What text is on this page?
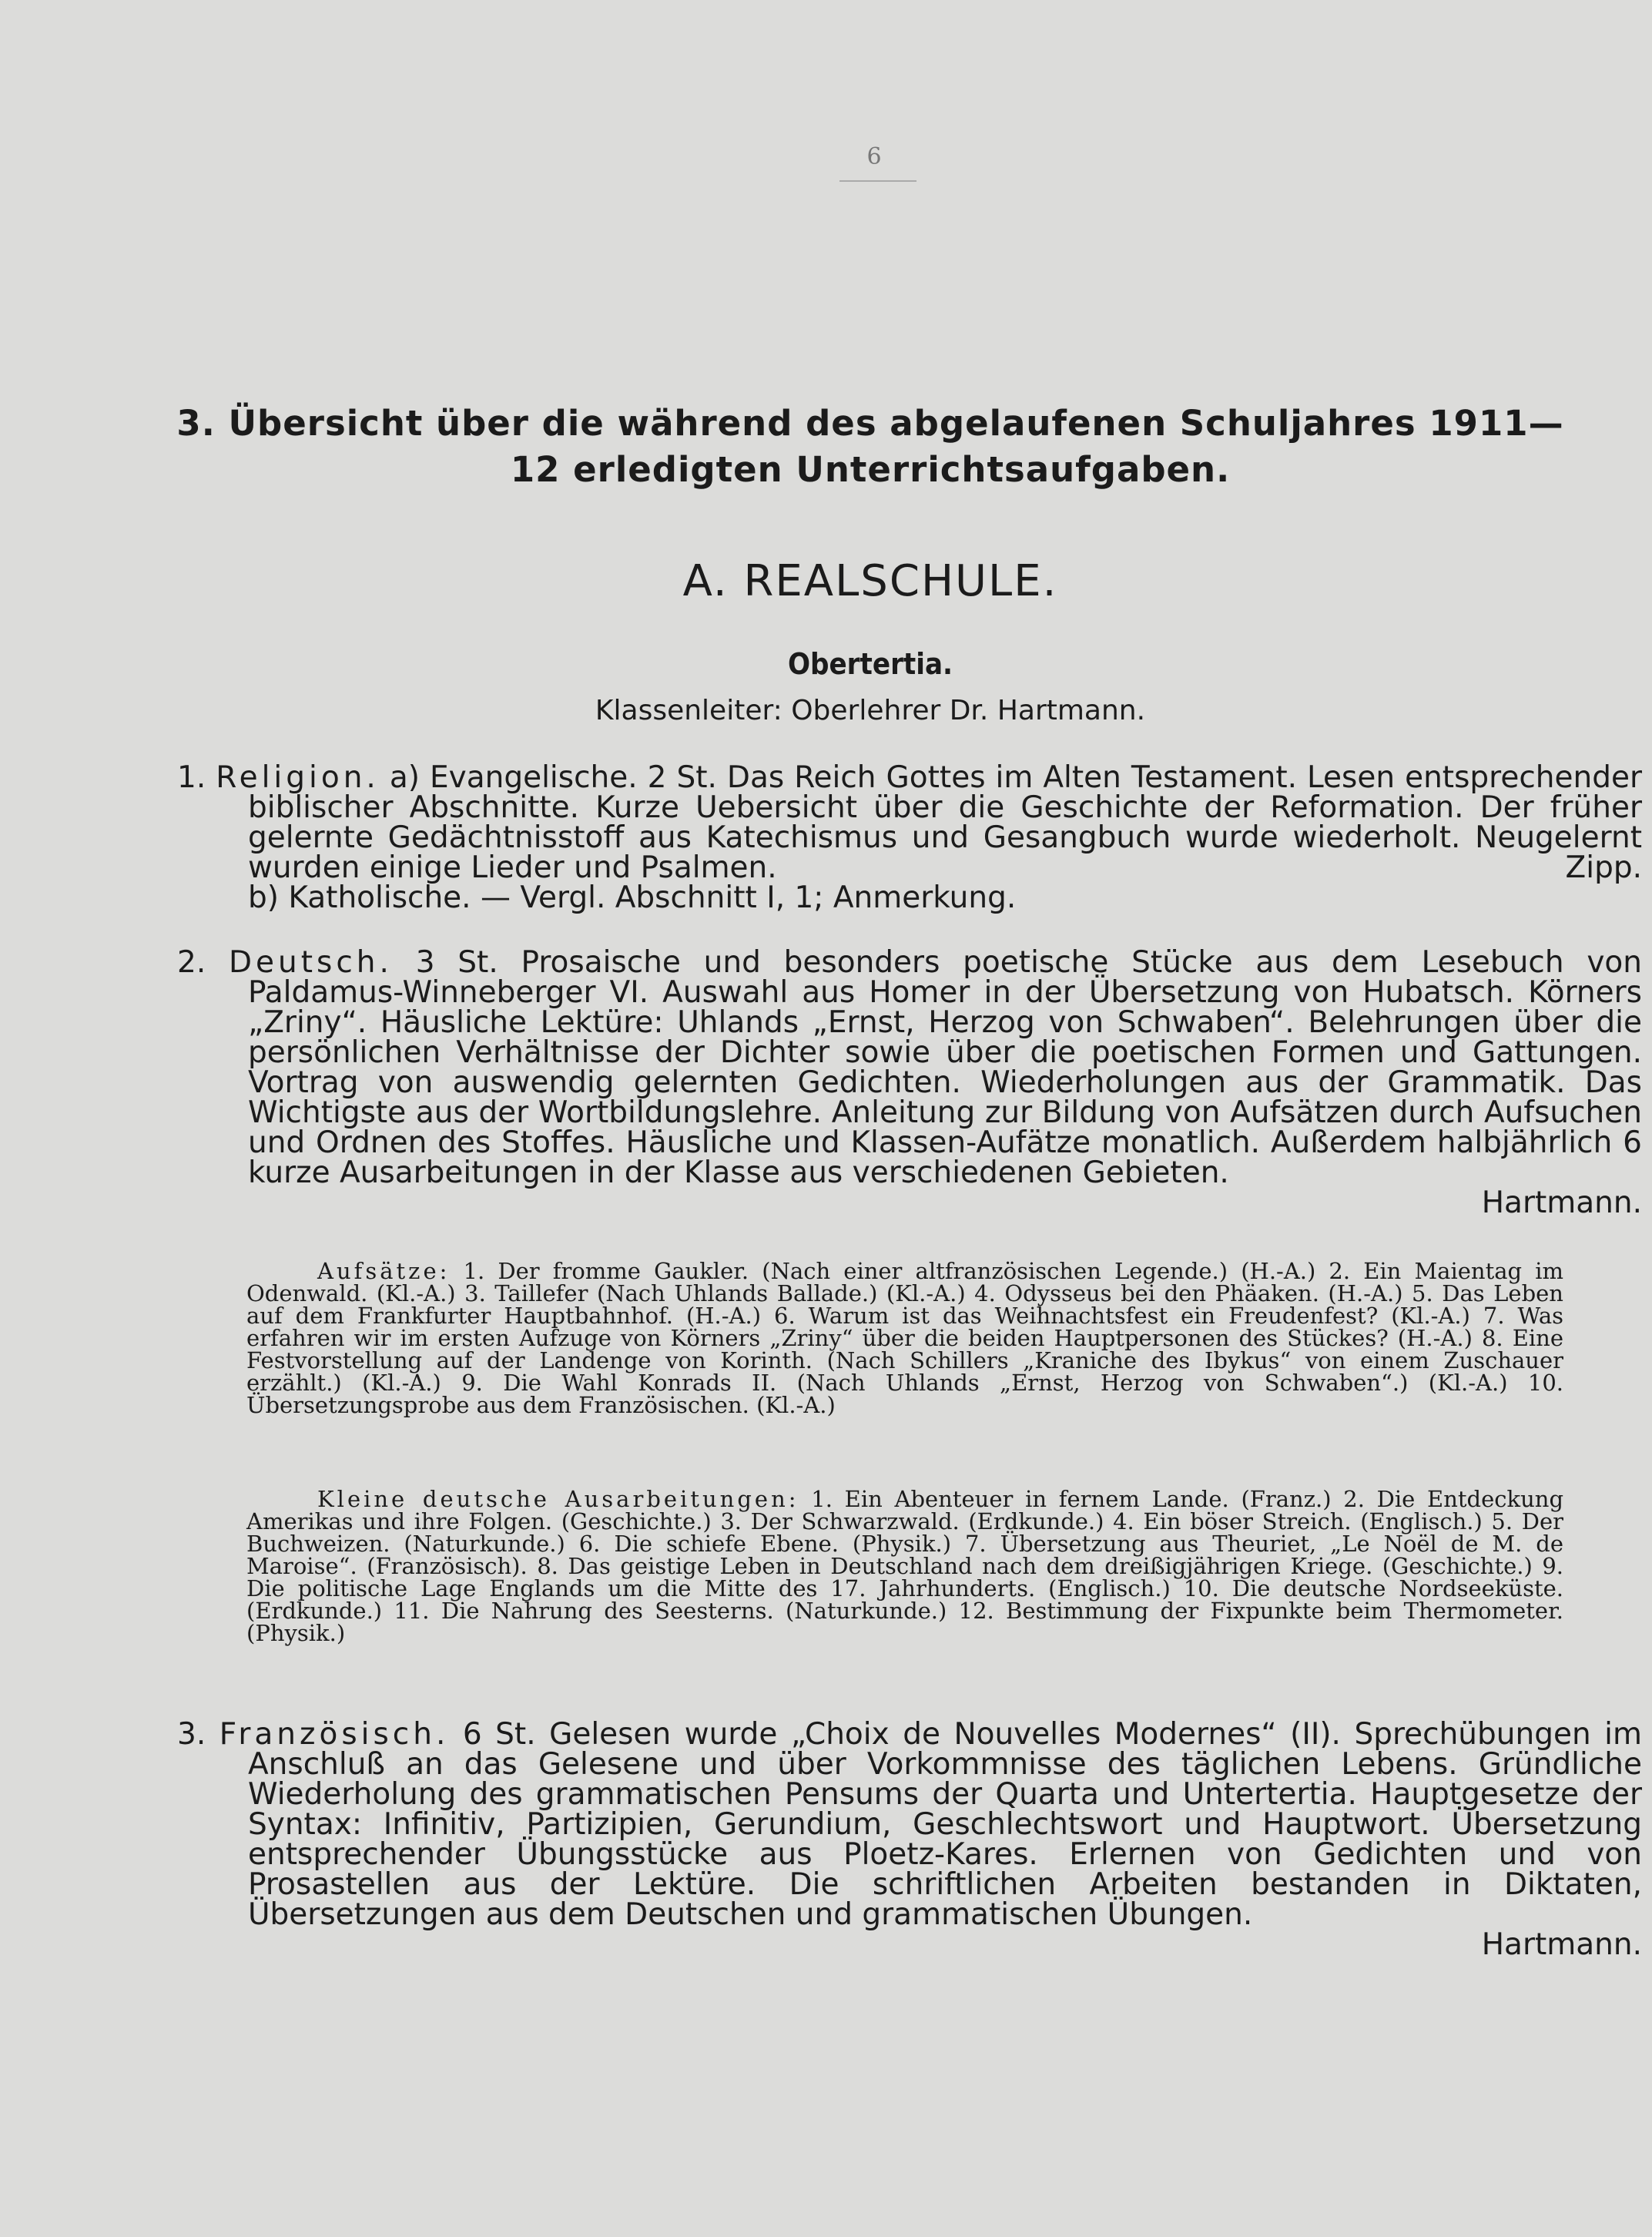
6
3. Übersicht über die während des abgelaufenen Schuljahres 1911—12 erledigten Unterrichtsaufgaben.
A. REALSCHULE.
Obertertia.
Klassenleiter: Oberlehrer Dr. Hartmann.
1. Religion. a) Evangelische. 2 St. Das Reich Gottes im Alten Testament. Lesen entsprechender biblischer Abschnitte. Kurze Uebersicht über die Geschichte der Reformation. Der früher gelernte Gedächtnisstoff aus Katechismus und Gesangbuch wurde wiederholt. Neugelernt wurden einige Lieder und Psalmen.	Zipp.
b) Katholische. — Vergl. Abschnitt I, 1; Anmerkung.
2. Deutsch. 3 St. Prosaische und besonders poetische Stücke aus dem Lesebuch von Paldamus-Winneberger VI. Auswahl aus Homer in der Übersetzung von Hubatsch. Körners „Zriny“. Häusliche Lektüre: Uhlands „Ernst, Herzog von Schwaben“. Belehrungen über die persönlichen Verhältnisse der Dichter sowie über die poetischen Formen und Gattungen. Vortrag von auswendig gelernten Gedichten. Wiederholungen aus der Grammatik. Das Wichtigste aus der Wortbildungslehre. Anleitung zur Bildung von Aufsätzen durch Aufsuchen und Ordnen des Stoffes. Häusliche und Klassen-Aufätze monatlich. Außerdem halbjährlich 6 kurze Ausarbeitungen in der Klasse aus verschiedenen Gebieten.
Hartmann.
Aufsätze: 1. Der fromme Gaukler. (Nach einer altfranzösischen Legende.) (H.-A.) 2. Ein Maientag im Odenwald. (Kl.-A.) 3. Taillefer (Nach Uhlands Ballade.) (Kl.-A.) 4. Odysseus bei den Phäaken. (H.-A.) 5. Das Leben auf dem Frankfurter Hauptbahnhof. (H.-A.) 6. Warum ist das Weihnachtsfest ein Freudenfest? (Kl.-A.) 7. Was erfahren wir im ersten Aufzuge von Körners „Zriny“ über die beiden Hauptpersonen des Stückes? (H.-A.) 8. Eine Festvorstellung auf der Landenge von Korinth. (Nach Schillers „Kraniche des Ibykus“ von einem Zuschauer erzählt.) (Kl.-A.) 9. Die Wahl Konrads II. (Nach Uhlands „Ernst, Herzog von Schwaben“.) (Kl.-A.) 10. Übersetzungsprobe aus dem Französischen. (Kl.-A.)
Kleine deutsche Ausarbeitungen: 1. Ein Abenteuer in fernem Lande. (Franz.) 2. Die Entdeckung Amerikas und ihre Folgen. (Geschichte.) 3. Der Schwarzwald. (Erdkunde.) 4. Ein böser Streich. (Englisch.) 5. Der Buchweizen. (Naturkunde.) 6. Die schiefe Ebene. (Physik.) 7. Übersetzung aus Theuriet, „Le Noël de M. de Maroise“. (Französisch). 8. Das geistige Leben in Deutschland nach dem dreißigjährigen Kriege. (Geschichte.) 9. Die politische Lage Englands um die Mitte des 17. Jahrhunderts. (Englisch.) 10. Die deutsche Nordseeküste. (Erdkunde.) 11. Die Nahrung des Seesterns. (Naturkunde.) 12. Bestimmung der Fixpunkte beim Thermometer. (Physik.)
3. Französisch. 6 St. Gelesen wurde „Choix de Nouvelles Modernes“ (II). Sprechübungen im Anschluß an das Gelesene und über Vorkommnisse des täglichen Lebens. Gründliche Wiederholung des grammatischen Pensums der Quarta und Untertertia. Hauptgesetze der Syntax: Infinitiv, Partizipien, Gerundium, Geschlechtswort und Hauptwort. Übersetzung entsprechender Übungsstücke aus Ploetz-Kares. Erlernen von Gedichten und von Prosastellen aus der Lektüre. Die schriftlichen Arbeiten bestanden in Diktaten, Übersetzungen aus dem Deutschen und grammatischen Übungen.
Hartmann.
